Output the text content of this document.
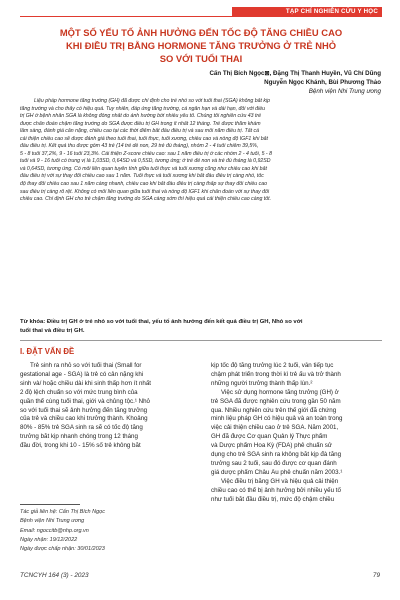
TẠP CHÍ NGHIÊN CỨU Y HỌC
MỘT SỐ YẾU TỐ ẢNH HƯỞNG ĐẾN TỐC ĐỘ TĂNG CHIỀU CAO
KHI ĐIỀU TRỊ BẰNG HORMONE TĂNG TRƯỞNG Ở TRẺ NHỎ
SO VỚI TUỔI THAI
Cấn Thị Bích Ngọc⊠, Đặng Thị Thanh Huyền, Vũ Chí Dũng
Nguyễn Ngọc Khánh, Bùi Phương Thảo
Bệnh viện Nhi Trung ương
Liệu pháp hormone tăng trưởng (GH) đã được chỉ định cho trẻ nhỏ so với tuổi thai (SGA) không bắt kịp
tăng trưởng và cho thấy có hiệu quả. Tuy nhiên, đáp ứng tăng trưởng, cả ngắn hạn và dài hạn, đối với điều
trị GH ở bệnh nhân SGA là không đồng nhất do ảnh hưởng bởi nhiều yếu tố. Chúng tôi nghiên cứu 43 trẻ
được chẩn đoán chậm tăng trưởng do SGA được điều trị GH trong ít nhất 12 tháng. Trẻ được thăm khám
lâm sàng, đánh giá cân nặng, chiều cao tại các thời điểm bắt đầu điều trị và sau mỗi năm điều trị. Tất cả
cải thiện chiều cao sẽ được đánh giá theo tuổi thai, tuổi thực, tuổi xương, chiều cao và nồng độ IGF1 khi bắt
đầu điều trị. Kết quả thu được gồm 43 trẻ (14 trẻ dề non, 29 trẻ đủ tháng), nhóm 2 - 4 tuổi chiếm 39,5%,
5 - 8 tuổi 37,2%, 9 - 16 tuổi 23,3%. Cải thiện Z-score chiều cao: sau 1 năm điều trị ở các nhóm 2 - 4 tuổi, 5 - 8
tuổi và 9 - 16 tuổi có trung vị là 1,03SD, 0,64SD và 0,5SD, tương ứng; ở trẻ đẻ non và trẻ đủ tháng là 0,92SD
và 0,64SD, tương ứng. Có mối liên quan tuyến tính giữa tuổi thực và tuổi xương cũng như chiều cao khi bắt
đầu điều trị với sự thay đổi chiều cao sau 1 năm. Tuổi thực và tuổi xương khi bắt đầu điều trị càng nhỏ, tốc
độ thay đổi chiều cao sau 1 năm càng nhanh, chiều cao khi bắt đầu điều trị càng thấp sự thay đổi chiều cao
sau điều trị càng rõ rệt. Không có mối liên quan giữa tuổi thai và nồng độ IGF1 khi chẩn đoán với sự thay đổi
chiều cao. Chỉ định GH cho trẻ chậm tăng trưởng do SGA càng sớm thì hiệu quả cải thiện chiều cao càng tốt.
Từ khóa: Điều trị GH ở trẻ nhỏ so với tuổi thai, yếu tố ảnh hưởng đến kết quả điều trị GH, Nhỏ so với
tuổi thai và điều trị GH.
I. ĐẶT VẤN ĐỀ
Trẻ sinh ra nhỏ so với tuổi thai (Small for
gestational age - SGA) là trẻ có cân nặng khi
sinh và/ hoặc chiều dài khi sinh thấp hơn ít nhất
2 độ lệch chuẩn so với mức trung bình của
quần thể cùng tuổi thai, giới và chủng tộc.¹ Nhỏ
so với tuổi thai sẽ ảnh hưởng đến tăng trưởng
của trẻ và chiều cao khi trưởng thành. Khoảng
80% - 85% trẻ SGA sinh ra sẽ có tốc độ tăng
trưởng bắt kịp nhanh chóng trong 12 tháng
đầu đời, trong khi 10 - 15% số trẻ không bắt
kịp tốc độ tăng trưởng lúc 2 tuổi, vẫn tiếp tục
chậm phát triển trong thời kì trẻ ấu và trở thành
những người trưởng thành thấp lùn.²
Việc sử dụng hormone tăng trưởng (GH) ở
trẻ SGA đã được nghiên cứu trong gần 50 năm
qua. Nhiều nghiên cứu trên thế giới đã chứng
minh liệu pháp GH có hiệu quả và an toàn trong
việc cải thiện chiều cao ở trẻ SGA. Năm 2001,
GH đã được Cơ quan Quản lý Thực phẩm
và Dược phẩm Hoa Kỳ (FDA) phê chuẩn sử
dụng cho trẻ SGA sinh ra không bắt kịp đà tăng
trưởng sau 2 tuổi, sau đó được cơ quan đánh
giá dược phẩm Châu Âu phê chuẩn năm 2003.¹
Việc điều trị bằng GH và hiệu quả cải thiện
chiều cao có thể bị ảnh hưởng bởi nhiều yếu tố
như tuổi bắt đầu điều trị, mức độ chậm chiều
Tác giả liên hệ: Cấn Thị Bích Ngọc
Bệnh viện Nhi Trung ương
Email: ngoccitb@nhp.org.vn
Ngày nhận: 19/12/2022
Ngày được chấp nhận: 30/01/2023
TCNCYH 164 (3) - 2023	79
